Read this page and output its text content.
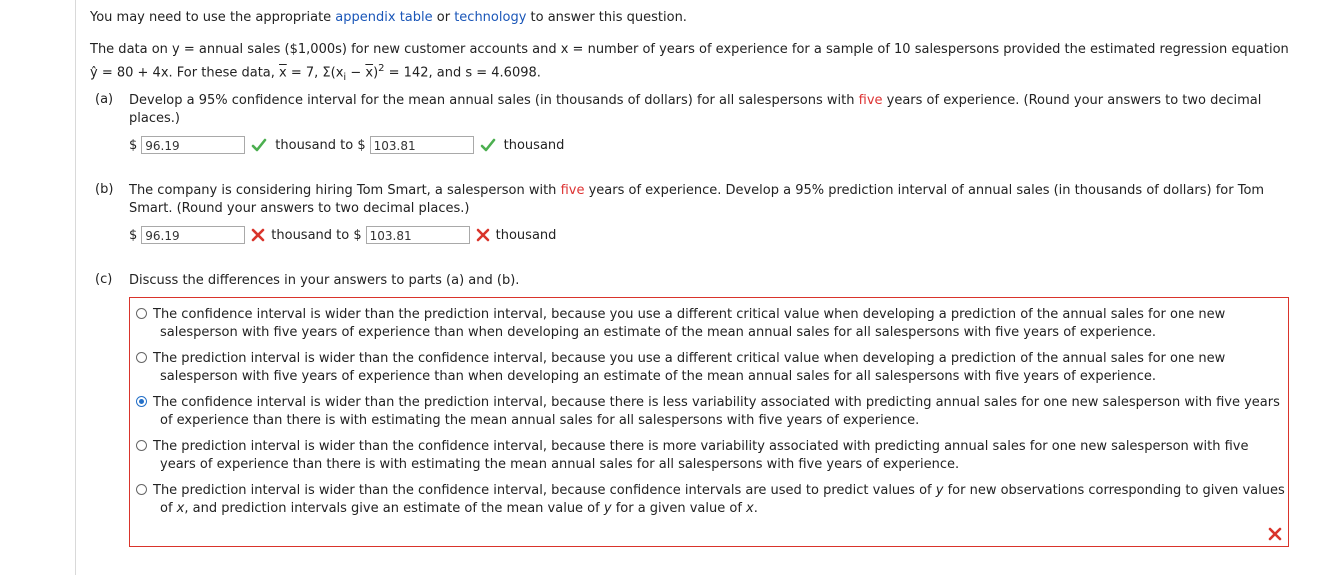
You may need to use the appropriate appendix table or technology to answer this question.

The data on y = annual sales ($1,000s) for new customer accounts and x = number of years of experience for a sample of 10 salespersons provided the estimated regression equation
ŷ = 80 + 4x. For these data, $\overline{x} = 7$, $\Sigma(x_i - \overline{x})^2 = 142$, and s = 4.6098.
(a) Develop a 95% confidence interval for the mean annual sales (in thousands of dollars) for all salespersons with five years of experience. (Round your answers to two decimal
places.)
$ 96.19	thousand to $ 103.81	thousand
(b) The company is considering hiring Tom Smart, a salesperson with five years of experience. Develop a 95% prediction interval of annual sales (in thousands of dollars) for Tom
Smart. (Round your answers to two decimal places.)
$ 96.19	thousand to $ 103.81	thousand
(c) Discuss the differences in your answers to parts (a) and (b).
The confidence interval is wider than the prediction interval, because you use a different critical value when developing a prediction of the annual sales for one new
salesperson with five years of experience than when developing an estimate of the mean annual sales for all salespersons with five years of experience.
The prediction interval is wider than the confidence interval, because you use a different critical value when developing a prediction of the annual sales for one new
salesperson with five years of experience than when developing an estimate of the mean annual sales for all salespersons with five years of experience.
The confidence interval is wider than the prediction interval, because there is less variability associated with predicting annual sales for one new salesperson with five years
of experience than there is with estimating the mean annual sales for all salespersons with five years of experience.
The prediction interval is wider than the confidence interval, because there is more variability associated with predicting annual sales for one new salesperson with five
years of experience than there is with estimating the mean annual sales for all salespersons with five years of experience.
The prediction interval is wider than the confidence interval, because confidence intervals are used to predict values of y for new observations corresponding to given values
of x, and prediction intervals give an estimate of the mean value of y for a given value of x.
